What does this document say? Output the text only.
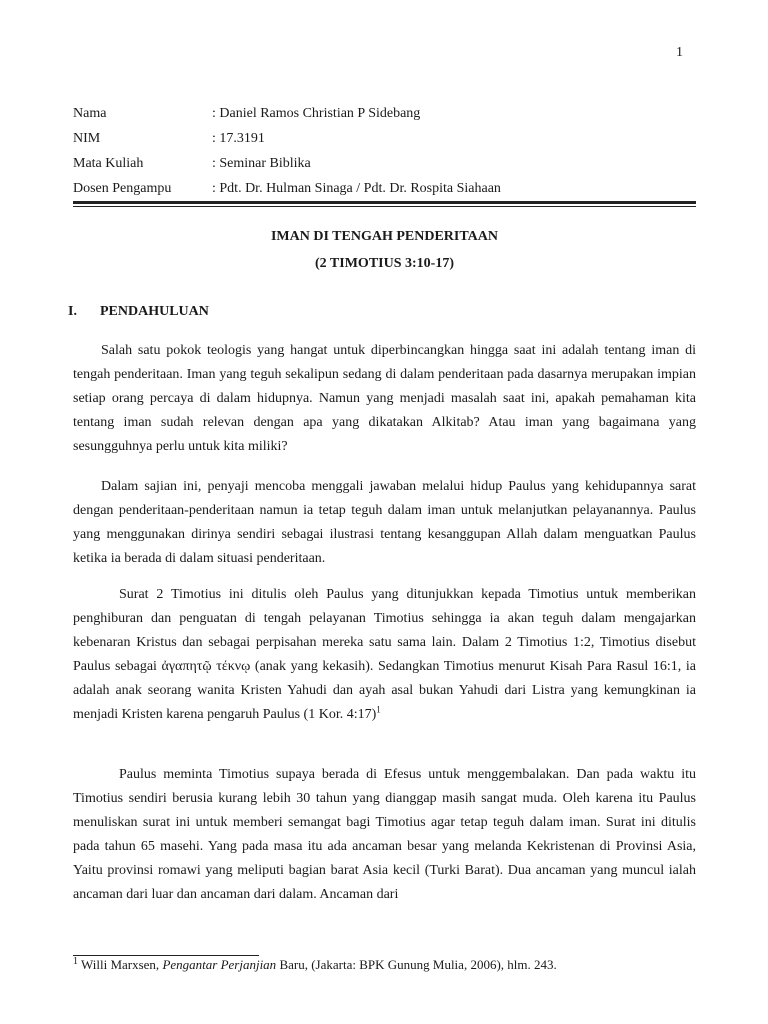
1
Nama	: Daniel Ramos Christian P Sidebang
NIM	: 17.3191
Mata Kuliah	: Seminar Biblika
Dosen Pengampu	: Pdt. Dr. Hulman Sinaga / Pdt. Dr. Rospita Siahaan
IMAN DI TENGAH PENDERITAAN
(2 TIMOTIUS 3:10-17)
I. PENDAHULUAN

Salah satu pokok teologis yang hangat untuk diperbincangkan hingga saat ini adalah tentang iman di tengah penderitaan. Iman yang teguh sekalipun sedang di dalam penderitaan pada dasarnya merupakan impian setiap orang percaya di dalam hidupnya. Namun yang menjadi masalah saat ini, apakah pemahaman kita tentang iman sudah relevan dengan apa yang dikatakan Alkitab? Atau iman yang bagaimana yang sesungguhnya perlu untuk kita miliki?

Dalam sajian ini, penyaji mencoba menggali jawaban melalui hidup Paulus yang kehidupannya sarat dengan penderitaan-penderitaan namun ia tetap teguh dalam iman untuk melanjutkan pelayanannya. Paulus yang menggunakan dirinya sendiri sebagai ilustrasi tentang kesanggupan Allah dalam menguatkan Paulus ketika ia berada di dalam situasi penderitaan.

Surat 2 Timotius ini ditulis oleh Paulus yang ditunjukkan kepada Timotius untuk memberikan penghiburan dan penguatan di tengah pelayanan Timotius sehingga ia akan teguh dalam mengajarkan kebenaran Kristus dan sebagai perpisahan mereka satu sama lain. Dalam 2 Timotius 1:2, Timotius disebut Paulus sebagai ἀγαπητῷ τέκνῳ (anak yang kekasih). Sedangkan Timotius menurut Kisah Para Rasul 16:1, ia adalah anak seorang wanita Kristen Yahudi dan ayah asal bukan Yahudi dari Listra yang kemungkinan ia menjadi Kristen karena pengaruh Paulus (1 Kor. 4:17)$^1$

Paulus meminta Timotius supaya berada di Efesus untuk menggembalakan. Dan pada waktu itu Timotius sendiri berusia kurang lebih 30 tahun yang dianggap masih sangat muda. Oleh karena itu Paulus menuliskan surat ini untuk memberi semangat bagi Timotius agar tetap teguh dalam iman. Surat ini ditulis pada tahun 65 masehi. Yang pada masa itu ada ancaman besar yang melanda Kekristenan di Provinsi Asia, Yaitu provinsi romawi yang meliputi bagian barat Asia kecil (Turki Barat). Dua ancaman yang muncul ialah ancaman dari luar dan ancaman dari dalam. Ancaman dari

$^1$ Willi Marxsen, Pengantar Perjanjian Baru, (Jakarta: BPK Gunung Mulia, 2006), hlm. 243.
